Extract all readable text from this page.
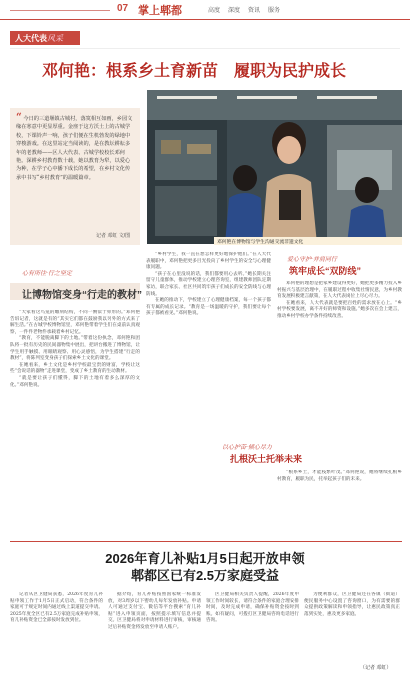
07 掌上郫都	高度 深度 资讯 服务
人大代表风采
邓何艳：根系乡土育新苗　履职为民护成长
“ 今日的三道堰镇古城村，落寞相互如画，乡园文缘在寒意中更显厚重。金座于这方沃土上的古城学校，下课铃声一响，孩子们便在生机勃发的绿地中穿梭游戏。在这里站定当阅读的，是在教坛耕耘多年的老教师——区人大代表、古城学校校长邓何艳。深耕乡村教育数十载，她以教育为犁，以爱心为种，在学子心中播下成长的希望，在乡村文化传承中书写“乡村教育”的温暖篇章。
记者 邓虹 文/图
邓何艳在博物馆与学生沟通交流非遗文化
心有所往·行之坚定
让博物馆变身“行走的教材”

“大家看这鸟笼的雕刻结构，不同一侧似于卯形的。”邓何艳告诉记者，这就是有的“其实它们都在鼓励我以另外的方式来了解生活。”在古城学校博物馆里，邓何艳带着学生们在桌前认真观察，一件件老物件承载着乡村记忆。

“教育，不能脱离脚下的土地。”带着这份执念，邓何艳和团队将一批有历史的民间器物集中展出，把讲台搬进了博物馆，让学生用手触摸、用眼睛观察、用心灵感悟，为学生搭建“行走的教材”，将陈列室变身孩子们探索乡土文化的课堂。

在她看来，乡土文化是乡村学校最宝贵的财富，学校让这些“会说话的器物”走进课堂，变成了乡土教育的生动教材。

“就是要让孩子们懂得，脚下的土地有着多么深厚的文化。”邓何艳说。

“乡村学生，我一直在想怎样更好地保护他们。”在人大代表履职中，邓何艳把更多目光投向了乡村学生的安全与心理健康问题。

“孩子在心里没说的话，我们都要用心去听。”她长期关注留守儿童群体，推动学校建立心理咨询室，组建教师团队定期家访，联合家长、社区共同筑牢孩子们成长的安全防线与心理防线。

在她的推动下，学校建立了心理健康档案，每一个孩子都有专属的成长记录。“教育是一场温暖的守护，我们要让每个孩子都被看见。”邓何艳说。

爱心守护·并肩同行
筑牢成长“双防线”

邓何艳的理想是把家乡建设得更好，她把更多精力投入乡村振兴与基层治理中，在履职过程中收集社情民意，为乡村教育发展积极建言献策，在人大代表岗位上尽心尽力。

在她看来，人大代表就是要把百姓的需求放在心上。“乡村学校要发展，离不开好的师资和设施。”她多次在会上建言，推动乡村学校办学条件持续改善。

以心护苗·倾心尽力
扎根沃土托举未来

“根系乡土，才能枝繁叶茂。”邓何艳说，她将继续扎根乡村教育，履职为民，托举起孩子们的未来。

2026年育儿补贴1月5日起开放申领
郫都区已有2.5万家庭受益

记者从区卫健局获悉，2026年度育儿补贴申领工作于1月5日正式启动，符合条件的家庭可于规定时间内通过线上渠道提交申请。2025年度全区已有2.5万家庭完成补贴申领，育儿补贴资金已全部按时发放到位。

据介绍，育儿补贴按照国家统一标准发放，对3周岁以下婴幼儿每年发放补贴。申请人可通过支付宝、微信等平台搜索“育儿补贴”进入申领页面，按照提示填写信息并提交。区卫健局将对申请材料进行审核，审核通过后补贴资金将发放至申请人账户。

区卫健局相关负责人提醒，2026年度申领工作时间较长，请符合条件的家庭合理安排时间，及时完成申请，确保补贴资金按时到账。如有疑问，可拨打区卫健局咨询电话进行咨询。

为便利群众，区卫健局还在各镇（街道）便民服务中心设置了咨询窗口，为有需要的群众提供政策解读和申领指导，让惠民政策真正落到实处，惠及更多家庭。

（记者 邓虹）
